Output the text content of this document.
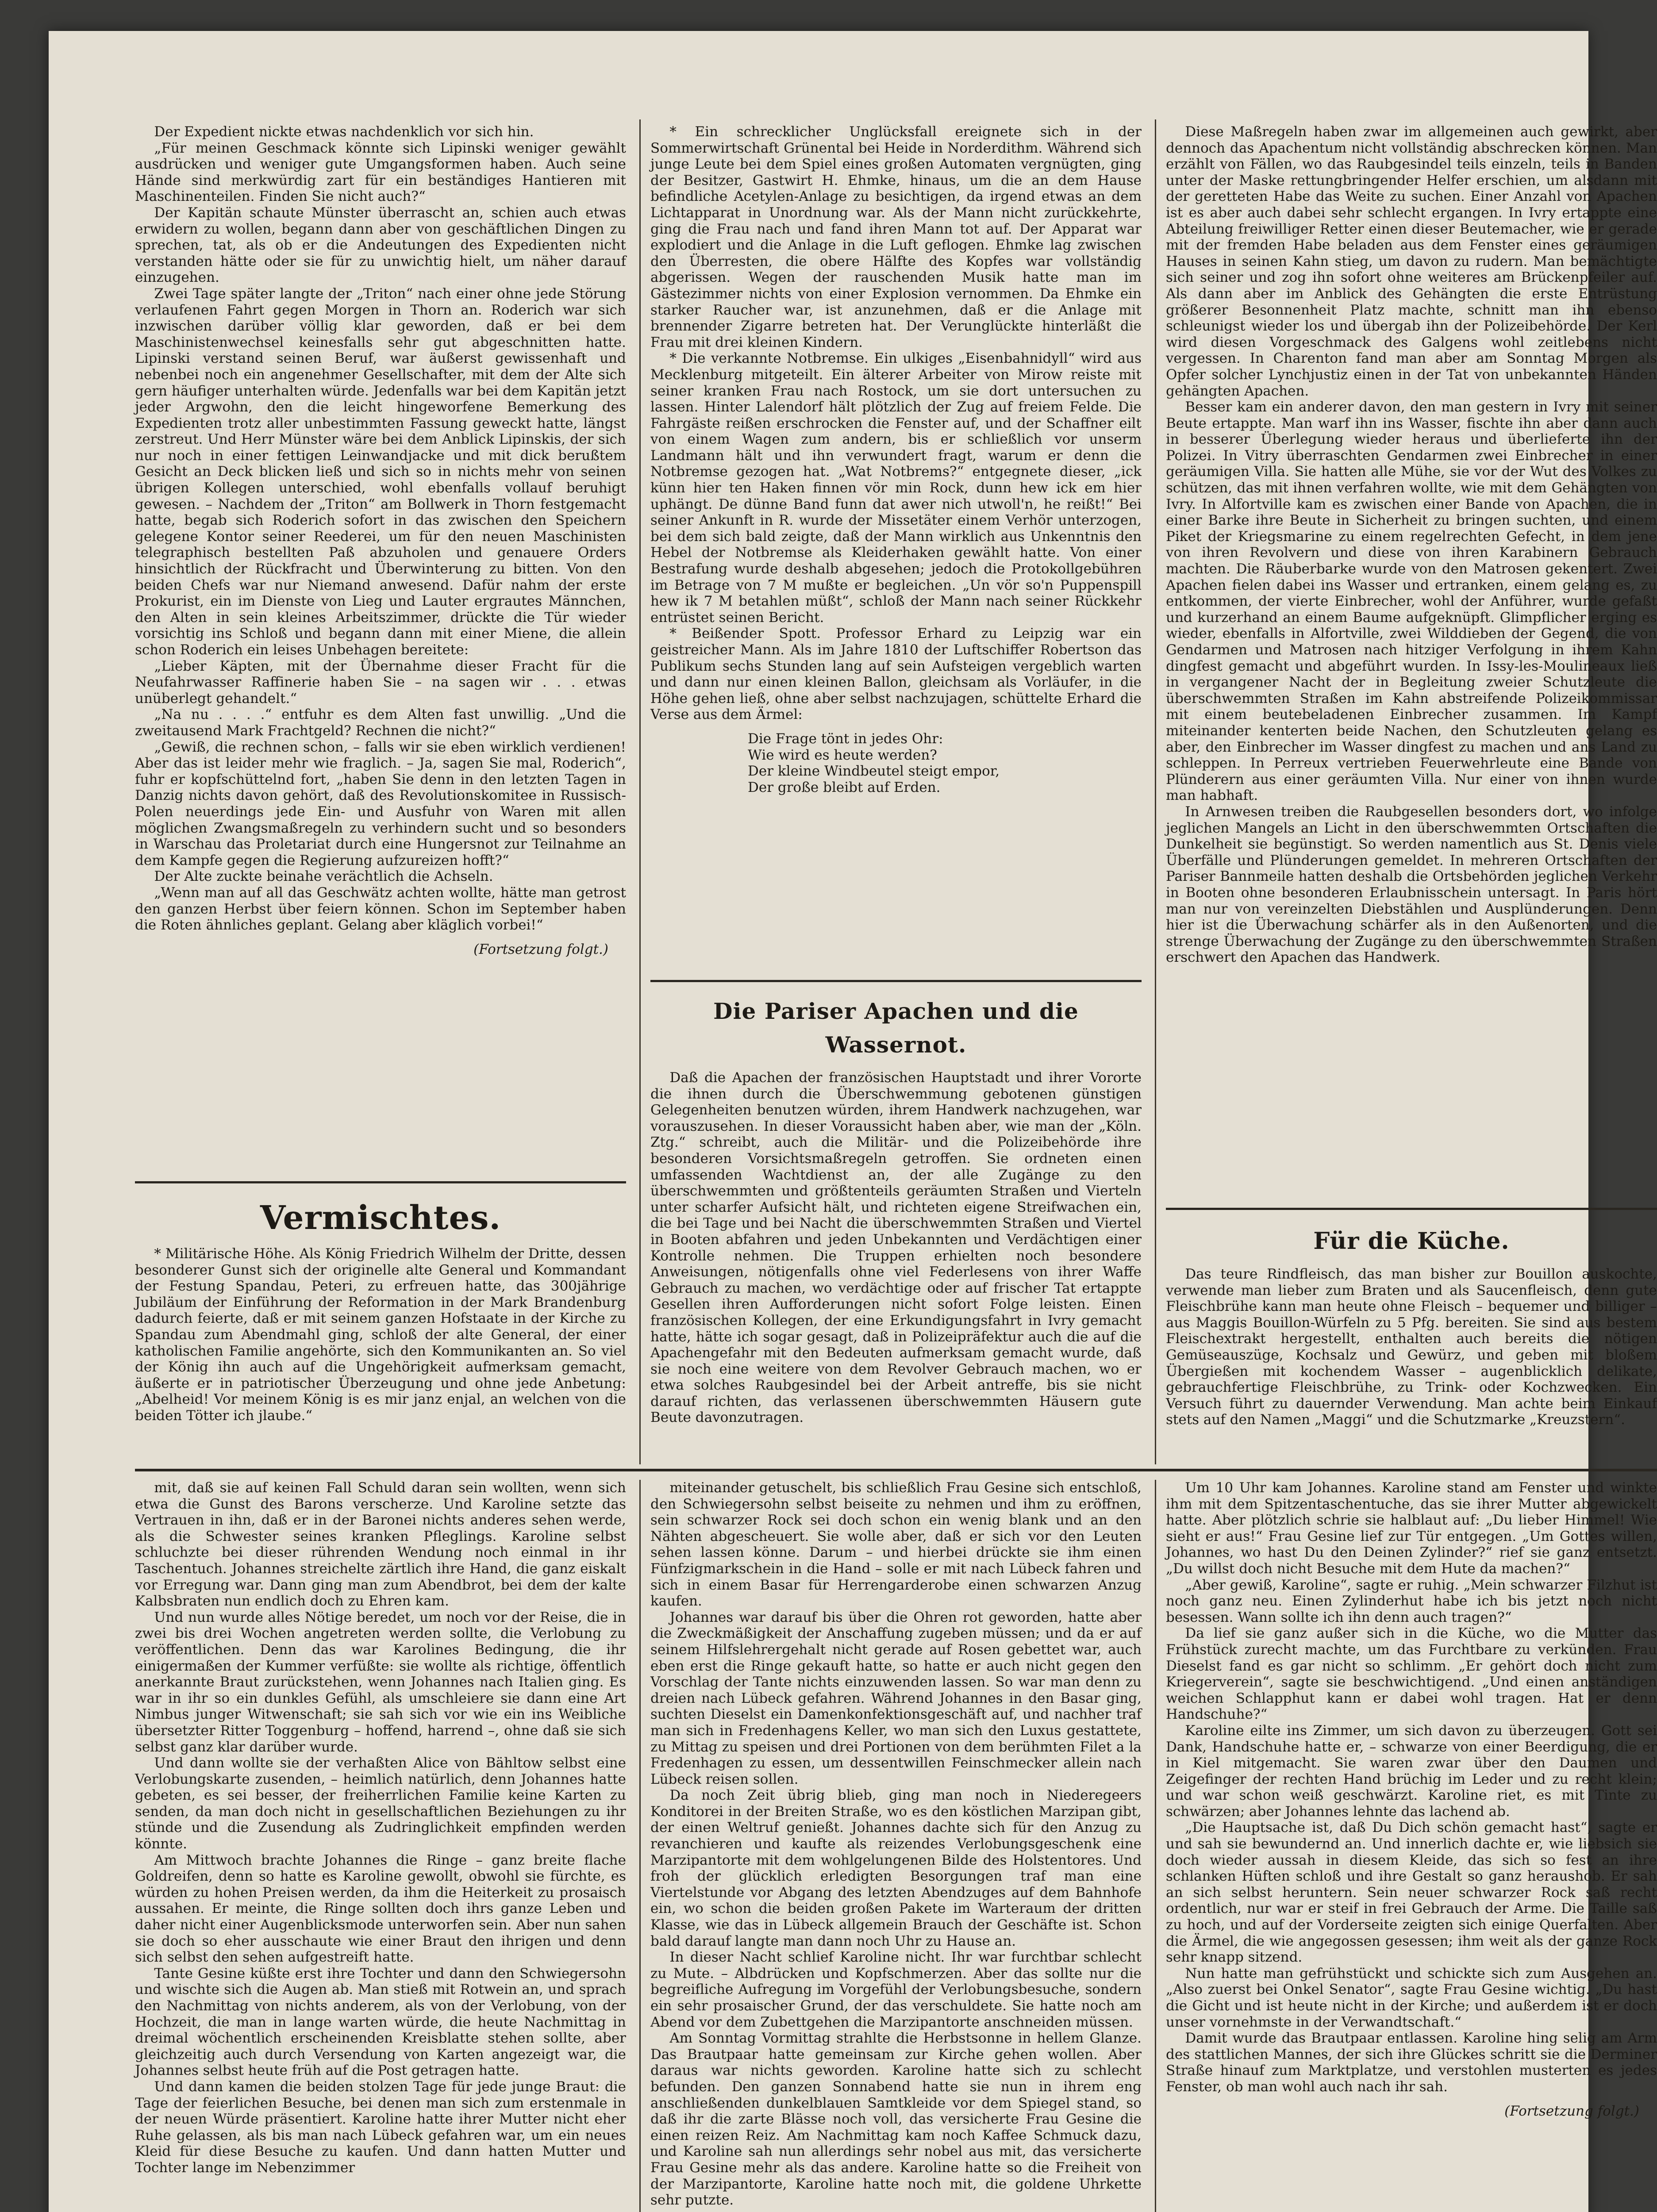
Der Expedient nickte etwas nachdenklich vor sich hin.

„Für meinen Geschmack könnte sich Lipinski weniger gewählt ausdrücken und weniger gute Umgangsformen haben. Auch seine Hände sind merkwürdig zart für ein beständiges Hantieren mit Maschinenteilen. Finden Sie nicht auch?“

Der Kapitän schaute Münster überrascht an, schien auch etwas erwidern zu wollen, begann dann aber von geschäftlichen Dingen zu sprechen, tat, als ob er die Andeutungen des Expedienten nicht verstanden hätte oder sie für zu unwichtig hielt, um näher darauf einzugehen.

Zwei Tage später langte der „Triton“ nach einer ohne jede Störung verlaufenen Fahrt gegen Morgen in Thorn an. Roderich war sich inzwischen darüber völlig klar geworden, daß er bei dem Maschinistenwechsel keinesfalls sehr gut abgeschnitten hatte. Lipinski verstand seinen Beruf, war äußerst gewissenhaft und nebenbei noch ein angenehmer Gesellschafter, mit dem der Alte sich gern häufiger unterhalten würde. Jedenfalls war bei dem Kapitän jetzt jeder Argwohn, den die leicht hingeworfene Bemerkung des Expedienten trotz aller unbestimmten Fassung geweckt hatte, längst zerstreut. Und Herr Münster wäre bei dem Anblick Lipinskis, der sich nur noch in einer fettigen Leinwandjacke und mit dick berußtem Gesicht an Deck blicken ließ und sich so in nichts mehr von seinen übrigen Kollegen unterschied, wohl ebenfalls vollauf beruhigt gewesen. – Nachdem der „Triton“ am Bollwerk in Thorn festgemacht hatte, begab sich Roderich sofort in das zwischen den Speichern gelegene Kontor seiner Reederei, um für den neuen Maschinisten telegraphisch bestellten Paß abzuholen und genauere Orders hinsichtlich der Rückfracht und Überwinterung zu bitten. Von den beiden Chefs war nur Niemand anwesend. Dafür nahm der erste Prokurist, ein im Dienste von Lieg und Lauter ergrautes Männchen, den Alten in sein kleines Arbeitszimmer, drückte die Tür wieder vorsichtig ins Schloß und begann dann mit einer Miene, die allein schon Roderich ein leises Unbehagen bereitete:

„Lieber Käpten, mit der Übernahme dieser Fracht für die Neufahrwasser Raffinerie haben Sie – na sagen wir . . . etwas unüberlegt gehandelt.“

„Na nu . . . .“ entfuhr es dem Alten fast unwillig. „Und die zweitausend Mark Frachtgeld? Rechnen die nicht?“

„Gewiß, die rechnen schon, – falls wir sie eben wirklich verdienen! Aber das ist leider mehr wie fraglich. – Ja, sagen Sie mal, Roderich“, fuhr er kopfschüttelnd fort, „haben Sie denn in den letzten Tagen in Danzig nichts davon gehört, daß des Revolutionskomitee in Russisch-Polen neuerdings jede Ein- und Ausfuhr von Waren mit allen möglichen Zwangsmaßregeln zu verhindern sucht und so besonders in Warschau das Proletariat durch eine Hungersnot zur Teilnahme an dem Kampfe gegen die Regierung aufzureizen hofft?“

Der Alte zuckte beinahe verächtlich die Achseln.

„Wenn man auf all das Geschwätz achten wollte, hätte man getrost den ganzen Herbst über feiern können. Schon im September haben die Roten ähnliches geplant. Gelang aber kläglich vorbei!“

(Fortsetzung folgt.)
Vermischtes.

* Militärische Höhe. Als König Friedrich Wilhelm der Dritte, dessen besonderer Gunst sich der originelle alte General und Kommandant der Festung Spandau, Peteri, zu erfreuen hatte, das 300jährige Jubiläum der Einführung der Reformation in der Mark Brandenburg dadurch feierte, daß er mit seinem ganzen Hofstaate in der Kirche zu Spandau zum Abendmahl ging, schloß der alte General, der einer katholischen Familie angehörte, sich den Kommunikanten an. So viel der König ihn auch auf die Ungehörigkeit aufmerksam gemacht, äußerte er in patriotischer Überzeugung und ohne jede Anbetung: „Abelheid! Vor meinem König is es mir janz enjal, an welchen von die beiden Tötter ich jlaube.“

* Ein schrecklicher Unglücksfall ereignete sich in der Sommerwirtschaft Grünental bei Heide in Norderdithm. Während sich junge Leute bei dem Spiel eines großen Automaten vergnügten, ging der Besitzer, Gastwirt H. Ehmke, hinaus, um die an dem Hause befindliche Acetylen-Anlage zu besichtigen, da irgend etwas an dem Lichtapparat in Unordnung war. Als der Mann nicht zurückkehrte, ging die Frau nach und fand ihren Mann tot auf. Der Apparat war explodiert und die Anlage in die Luft geflogen. Ehmke lag zwischen den Überresten, die obere Hälfte des Kopfes war vollständig abgerissen. Wegen der rauschenden Musik hatte man im Gästezimmer nichts von einer Explosion vernommen. Da Ehmke ein starker Raucher war, ist anzunehmen, daß er die Anlage mit brennender Zigarre betreten hat. Der Verunglückte hinterläßt die Frau mit drei kleinen Kindern.

* Die verkannte Notbremse. Ein ulkiges „Eisenbahnidyll“ wird aus Mecklenburg mitgeteilt. Ein älterer Arbeiter von Mirow reiste mit seiner kranken Frau nach Rostock, um sie dort untersuchen zu lassen. Hinter Lalendorf hält plötzlich der Zug auf freiem Felde. Die Fahrgäste reißen erschrocken die Fenster auf, und der Schaffner eilt von einem Wagen zum andern, bis er schließlich vor unserm Landmann hält und ihn verwundert fragt, warum er denn die Notbremse gezogen hat. „Wat Notbrems?“ entgegnete dieser, „ick künn hier ten Haken finnen vör min Rock, dunn hew ick em hier uphängt. De dünne Band funn dat awer nich utwoll'n, he reißt!“ Bei seiner Ankunft in R. wurde der Missetäter einem Verhör unterzogen, bei dem sich bald zeigte, daß der Mann wirklich aus Unkenntnis den Hebel der Notbremse als Kleiderhaken gewählt hatte. Von einer Bestrafung wurde deshalb abgesehen; jedoch die Protokollgebühren im Betrage von 7 M mußte er begleichen. „Un vör so'n Puppenspill hew ik 7 M betahlen müßt“, schloß der Mann nach seiner Rückkehr entrüstet seinen Bericht.

* Beißender Spott. Professor Erhard zu Leipzig war ein geistreicher Mann. Als im Jahre 1810 der Luftschiffer Robertson das Publikum sechs Stunden lang auf sein Aufsteigen vergeblich warten und dann nur einen kleinen Ballon, gleichsam als Vorläufer, in die Höhe gehen ließ, ohne aber selbst nachzujagen, schüttelte Erhard die Verse aus dem Ärmel:

Die Frage tönt in jedes Ohr:
Wie wird es heute werden?
Der kleine Windbeutel steigt empor,
Der große bleibt auf Erden.
Die Pariser Apachen und die Wassernot.

Daß die Apachen der französischen Hauptstadt und ihrer Vororte die ihnen durch die Überschwemmung gebotenen günstigen Gelegenheiten benutzen würden, ihrem Handwerk nachzugehen, war vorauszusehen. In dieser Voraussicht haben aber, wie man der „Köln. Ztg.“ schreibt, auch die Militär- und die Polizeibehörde ihre besonderen Vorsichtsmaßregeln getroffen. Sie ordneten einen umfassenden Wachtdienst an, der alle Zugänge zu den überschwemmten und größtenteils geräumten Straßen und Vierteln unter scharfer Aufsicht hält, und richteten eigene Streifwachen ein, die bei Tage und bei Nacht die überschwemmten Straßen und Viertel in Booten abfahren und jeden Unbekannten und Verdächtigen einer Kontrolle nehmen. Die Truppen erhielten noch besondere Anweisungen, nötigenfalls ohne viel Federlesens von ihrer Waffe Gebrauch zu machen, wo verdächtige oder auf frischer Tat ertappte Gesellen ihren Aufforderungen nicht sofort Folge leisten. Einen französischen Kollegen, der eine Erkundigungsfahrt in Ivry gemacht hatte, hätte ich sogar gesagt, daß in Polizeipräfektur auch die auf die Apachengefahr mit den Bedeuten aufmerksam gemacht wurde, daß sie noch eine weitere von dem Revolver Gebrauch machen, wo er etwa solches Raubgesindel bei der Arbeit antreffe, bis sie nicht darauf richten, das verlassenen überschwemmten Häusern gute Beute davonzutragen.

Diese Maßregeln haben zwar im allgemeinen auch gewirkt, aber dennoch das Apachentum nicht vollständig abschrecken können. Man erzählt von Fällen, wo das Raubgesindel teils einzeln, teils in Banden unter der Maske rettungbringender Helfer erschien, um alsdann mit der geretteten Habe das Weite zu suchen. Einer Anzahl von Apachen ist es aber auch dabei sehr schlecht ergangen. In Ivry ertappte eine Abteilung freiwilliger Retter einen dieser Beutemacher, wie er gerade mit der fremden Habe beladen aus dem Fenster eines geräumigen Hauses in seinen Kahn stieg, um davon zu rudern. Man bemächtigte sich seiner und zog ihn sofort ohne weiteres am Brückenpfeiler auf. Als dann aber im Anblick des Gehängten die erste Entrüstung größerer Besonnenheit Platz machte, schnitt man ihn ebenso schleunigst wieder los und übergab ihn der Polizeibehörde. Der Kerl wird diesen Vorgeschmack des Galgens wohl zeitlebens nicht vergessen. In Charenton fand man aber am Sonntag Morgen als Opfer solcher Lynchjustiz einen in der Tat von unbekannten Händen gehängten Apachen.

Besser kam ein anderer davon, den man gestern in Ivry mit seiner Beute ertappte. Man warf ihn ins Wasser, fischte ihn aber dann auch in besserer Überlegung wieder heraus und überlieferte ihn der Polizei. In Vitry überraschten Gendarmen zwei Einbrecher in einer geräumigen Villa. Sie hatten alle Mühe, sie vor der Wut des Volkes zu schützen, das mit ihnen verfahren wollte, wie mit dem Gehängten von Ivry. In Alfortville kam es zwischen einer Bande von Apachen, die in einer Barke ihre Beute in Sicherheit zu bringen suchten, und einem Piket der Kriegsmarine zu einem regelrechten Gefecht, in dem jene von ihren Revolvern und diese von ihren Karabinern Gebrauch machten. Die Räuberbarke wurde von den Matrosen gekentert. Zwei Apachen fielen dabei ins Wasser und ertranken, einem gelang es, zu entkommen, der vierte Einbrecher, wohl der Anführer, wurde gefaßt und kurzerhand an einem Baume aufgeknüpft. Glimpflicher erging es wieder, ebenfalls in Alfortville, zwei Wilddieben der Gegend, die von Gendarmen und Matrosen nach hitziger Verfolgung in ihrem Kahn dingfest gemacht und abgeführt wurden. In Issy-les-Moulineaux ließ in vergangener Nacht der in Begleitung zweier Schutzleute die überschwemmten Straßen im Kahn abstreifende Polizeikommissar mit einem beutebeladenen Einbrecher zusammen. Im Kampf miteinander kenterten beide Nachen, den Schutzleuten gelang es aber, den Einbrecher im Wasser dingfest zu machen und ans Land zu schleppen. In Perreux vertrieben Feuerwehrleute eine Bande von Plünderern aus einer geräumten Villa. Nur einer von ihnen wurde man habhaft.

In Arnwesen treiben die Raubgesellen besonders dort, wo infolge jeglichen Mangels an Licht in den überschwemmten Ortschaften die Dunkelheit sie begünstigt. So werden namentlich aus St. Denis viele Überfälle und Plünderungen gemeldet. In mehreren Ortschaften der Pariser Bannmeile hatten deshalb die Ortsbehörden jeglichen Verkehr in Booten ohne besonderen Erlaubnisschein untersagt. In Paris hört man nur von vereinzelten Diebstählen und Ausplünderungen. Denn hier ist die Überwachung schärfer als in den Außenorten, und die strenge Überwachung der Zugänge zu den überschwemmten Straßen erschwert den Apachen das Handwerk.

Für die Küche.

Das teure Rindfleisch, das man bisher zur Bouillon auskochte, verwende man lieber zum Braten und als Saucenfleisch, denn gute Fleischbrühe kann man heute ohne Fleisch – bequemer und billiger – aus Maggis Bouillon-Würfeln zu 5 Pfg. bereiten. Sie sind aus bestem Fleischextrakt hergestellt, enthalten auch bereits die nötigen Gemüseauszüge, Kochsalz und Gewürz, und geben mit bloßem Übergießen mit kochendem Wasser – augenblicklich delikate, gebrauchfertige Fleischbrühe, zu Trink- oder Kochzwecken. Ein Versuch führt zu dauernder Verwendung. Man achte beim Einkauf stets auf den Namen „Maggi“ und die Schutzmarke „Kreuzstern“.

mit, daß sie auf keinen Fall Schuld daran sein wollten, wenn sich etwa die Gunst des Barons verscherze. Und Karoline setzte das Vertrauen in ihn, daß er in der Baronei nichts anderes sehen werde, als die Schwester seines kranken Pfleglings. Karoline selbst schluchzte bei dieser rührenden Wendung noch einmal in ihr Taschentuch. Johannes streichelte zärtlich ihre Hand, die ganz eiskalt vor Erregung war. Dann ging man zum Abendbrot, bei dem der kalte Kalbsbraten nun endlich doch zu Ehren kam.

Und nun wurde alles Nötige beredet, um noch vor der Reise, die in zwei bis drei Wochen angetreten werden sollte, die Verlobung zu veröffentlichen. Denn das war Karolines Bedingung, die ihr einigermaßen der Kummer verfüßte: sie wollte als richtige, öffentlich anerkannte Braut zurückstehen, wenn Johannes nach Italien ging. Es war in ihr so ein dunkles Gefühl, als umschleiere sie dann eine Art Nimbus junger Witwenschaft; sie sah sich vor wie ein ins Weibliche übersetzter Ritter Toggenburg – hoffend, harrend –, ohne daß sie sich selbst ganz klar darüber wurde.

Und dann wollte sie der verhaßten Alice von Bähltow selbst eine Verlobungskarte zusenden, – heimlich natürlich, denn Johannes hatte gebeten, es sei besser, der freiherrlichen Familie keine Karten zu senden, da man doch nicht in gesellschaftlichen Beziehungen zu ihr stünde und die Zusendung als Zudringlichkeit empfinden werden könnte.

Am Mittwoch brachte Johannes die Ringe – ganz breite flache Goldreifen, denn so hatte es Karoline gewollt, obwohl sie fürchte, es würden zu hohen Preisen werden, da ihm die Heiterkeit zu prosaisch aussahen. Er meinte, die Ringe sollten doch ihrs ganze Leben und daher nicht einer Augenblicksmode unterworfen sein. Aber nun sahen sie doch so eher ausschaute wie einer Braut den ihrigen und denn sich selbst den sehen aufgestreift hatte.

Tante Gesine küßte erst ihre Tochter und dann den Schwiegersohn und wischte sich die Augen ab. Man stieß mit Rotwein an, und sprach den Nachmittag von nichts anderem, als von der Verlobung, von der Hochzeit, die man in lange warten würde, die heute Nachmittag in dreimal wöchentlich erscheinenden Kreisblatte stehen sollte, aber gleichzeitig auch durch Versendung von Karten angezeigt war, die Johannes selbst heute früh auf die Post getragen hatte.

Und dann kamen die beiden stolzen Tage für jede junge Braut: die Tage der feierlichen Besuche, bei denen man sich zum erstenmale in der neuen Würde präsentiert. Karoline hatte ihrer Mutter nicht eher Ruhe gelassen, als bis man nach Lübeck gefahren war, um ein neues Kleid für diese Besuche zu kaufen. Und dann hatten Mutter und Tochter lange im Nebenzimmer

miteinander getuschelt, bis schließlich Frau Gesine sich entschloß, den Schwiegersohn selbst beiseite zu nehmen und ihm zu eröffnen, sein schwarzer Rock sei doch schon ein wenig blank und an den Nähten abgescheuert. Sie wolle aber, daß er sich vor den Leuten sehen lassen könne. Darum – und hierbei drückte sie ihm einen Fünfzigmarkschein in die Hand – solle er mit nach Lübeck fahren und sich in einem Basar für Herrengarderobe einen schwarzen Anzug kaufen.

Johannes war darauf bis über die Ohren rot geworden, hatte aber die Zweckmäßigkeit der Anschaffung zugeben müssen; und da er auf seinem Hilfslehrergehalt nicht gerade auf Rosen gebettet war, auch eben erst die Ringe gekauft hatte, so hatte er auch nicht gegen den Vorschlag der Tante nichts einzuwenden lassen. So war man denn zu dreien nach Lübeck gefahren. Während Johannes in den Basar ging, suchten Dieselst ein Damenkonfektionsgeschäft auf, und nachher traf man sich in Fredenhagens Keller, wo man sich den Luxus gestattete, zu Mittag zu speisen und drei Portionen von dem berühmten Filet a la Fredenhagen zu essen, um dessentwillen Feinschmecker allein nach Lübeck reisen sollen.

Da noch Zeit übrig blieb, ging man noch in Niederegeers Konditorei in der Breiten Straße, wo es den köstlichen Marzipan gibt, der einen Weltruf genießt. Johannes dachte sich für den Anzug zu revanchieren und kaufte als reizendes Verlobungsgeschenk eine Marzipantorte mit dem wohlgelungenen Bilde des Holstentores. Und froh der glücklich erledigten Besorgungen traf man eine Viertelstunde vor Abgang des letzten Abendzuges auf dem Bahnhofe ein, wo schon die beiden großen Pakete im Warteraum der dritten Klasse, wie das in Lübeck allgemein Brauch der Geschäfte ist. Schon bald darauf langte man dann noch Uhr zu Hause an.

In dieser Nacht schlief Karoline nicht. Ihr war furchtbar schlecht zu Mute. – Albdrücken und Kopfschmerzen. Aber das sollte nur die begreifliche Aufregung im Vorgefühl der Verlobungsbesuche, sondern ein sehr prosaischer Grund, der das verschuldete. Sie hatte noch am Abend vor dem Zubettgehen die Marzipantorte anschneiden müssen.

Am Sonntag Vormittag strahlte die Herbstsonne in hellem Glanze. Das Brautpaar hatte gemeinsam zur Kirche gehen wollen. Aber daraus war nichts geworden. Karoline hatte sich zu schlecht befunden. Den ganzen Sonnabend hatte sie nun in ihrem eng anschließenden dunkelblauen Samtkleide vor dem Spiegel stand, so daß ihr die zarte Blässe noch voll, das versicherte Frau Gesine die einen reizen Reiz. Am Nachmittag kam noch Kaffee Schmuck dazu, und Karoline sah nun allerdings sehr nobel aus mit, das versicherte Frau Gesine mehr als das andere. Karoline hatte so die Freiheit von der Marzipantorte, Karoline hatte noch mit, die goldene Uhrkette sehr putzte.

Um 10 Uhr kam Johannes. Karoline stand am Fenster und winkte ihm mit dem Spitzentaschentuche, das sie ihrer Mutter abgewickelt hatte. Aber plötzlich schrie sie halblaut auf: „Du lieber Himmel! Wie sieht er aus!“ Frau Gesine lief zur Tür entgegen. „Um Gottes willen, Johannes, wo hast Du den Deinen Zylinder?“ rief sie ganz entsetzt. „Du willst doch nicht Besuche mit dem Hute da machen?“

„Aber gewiß, Karoline“, sagte er ruhig. „Mein schwarzer Filzhut ist noch ganz neu. Einen Zylinderhut habe ich bis jetzt noch nicht besessen. Wann sollte ich ihn denn auch tragen?“

Da lief sie ganz außer sich in die Küche, wo die Mutter das Frühstück zurecht machte, um das Furchtbare zu verkünden. Frau Dieselst fand es gar nicht so schlimm. „Er gehört doch nicht zum Kriegerverein“, sagte sie beschwichtigend. „Und einen anständigen weichen Schlapphut kann er dabei wohl tragen. Hat er denn Handschuhe?“

Karoline eilte ins Zimmer, um sich davon zu überzeugen. Gott sei Dank, Handschuhe hatte er, – schwarze von einer Beerdigung, die er in Kiel mitgemacht. Sie waren zwar über den Daumen und Zeigefinger der rechten Hand brüchig im Leder und zu recht klein; und war schon weiß geschwärzt. Karoline riet, es mit Tinte zu schwärzen; aber Johannes lehnte das lachend ab.

„Die Hauptsache ist, daß Du Dich schön gemacht hast“, sagte er und sah sie bewundernd an. Und innerlich dachte er, wie liebsich sie doch wieder aussah in diesem Kleide, das sich so fest an ihre schlanken Hüften schloß und ihre Gestalt so ganz heraushob. Er sah an sich selbst heruntern. Sein neuer schwarzer Rock saß recht ordentlich, nur war er steif in frei Gebrauch der Arme. Die Taille saß zu hoch, und auf der Vorderseite zeigten sich einige Querfalten. Aber die Ärmel, die wie angegossen gesessen; ihm weit als der ganze Rock sehr knapp sitzend.

Nun hatte man gefrühstückt und schickte sich zum Ausgehen an. „Also zuerst bei Onkel Senator“, sagte Frau Gesine wichtig. „Du hast die Gicht und ist heute nicht in der Kirche; und außerdem ist er doch unser vornehmste in der Verwandtschaft.“

Damit wurde das Brautpaar entlassen. Karoline hing selig am Arm des stattlichen Mannes, der sich ihre Glückes schritt sie die Derminer Straße hinauf zum Marktplatze, und verstohlen musterten es jedes Fenster, ob man wohl auch nach ihr sah.

(Fortsetzung folgt.)
